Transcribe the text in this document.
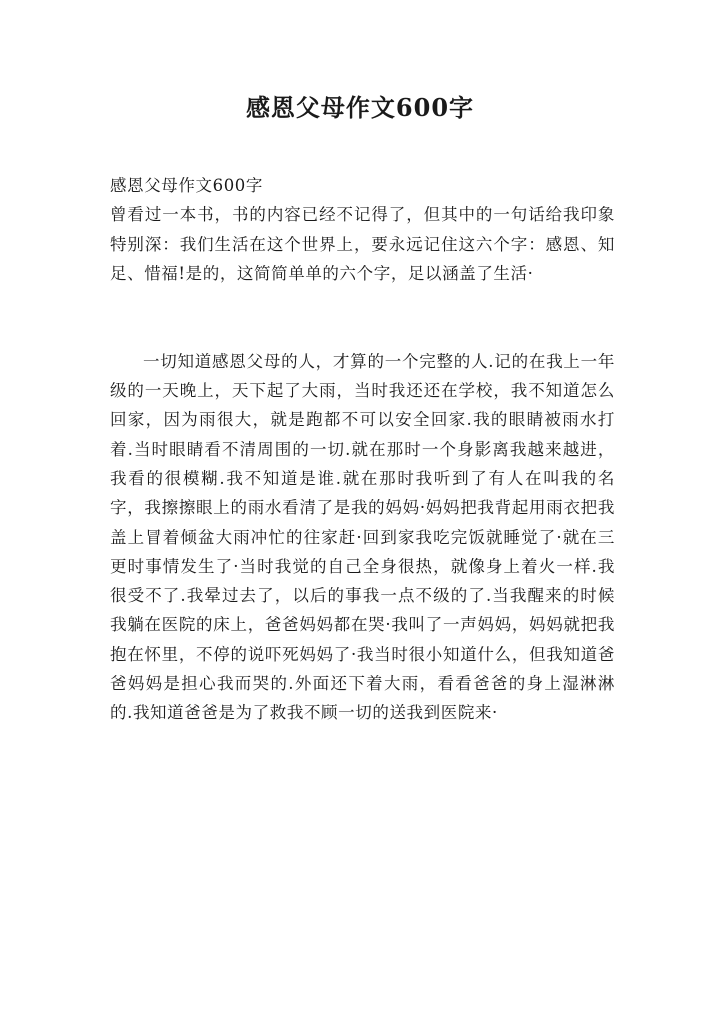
感恩父母作文600字

感恩父母作文600字

曾看过一本书，书的内容已经不记得了，但其中的一句话给我印象特别深：我们生活在这个世界上，要永远记住这六个字：感恩、知足、惜福!是的，这简简单单的六个字，足以涵盖了生活·

一切知道感恩父母的人，才算的一个完整的人.记的在我上一年级的一天晚上，天下起了大雨，当时我还还在学校，我不知道怎么回家，因为雨很大，就是跑都不可以安全回家.我的眼睛被雨水打着.当时眼睛看不清周围的一切.就在那时一个身影离我越来越进，我看的很模糊.我不知道是谁.就在那时我听到了有人在叫我的名字，我擦擦眼上的雨水看清了是我的妈妈·妈妈把我背起用雨衣把我盖上冒着倾盆大雨冲忙的往家赶·回到家我吃完饭就睡觉了·就在三更时事情发生了·当时我觉的自己全身很热，就像身上着火一样.我很受不了.我晕过去了，以后的事我一点不级的了.当我醒来的时候我躺在医院的床上，爸爸妈妈都在哭·我叫了一声妈妈，妈妈就把我抱在怀里，不停的说吓死妈妈了·我当时很小知道什么，但我知道爸爸妈妈是担心我而哭的.外面还下着大雨，看看爸爸的身上湿淋淋的.我知道爸爸是为了救我不顾一切的送我到医院来·
